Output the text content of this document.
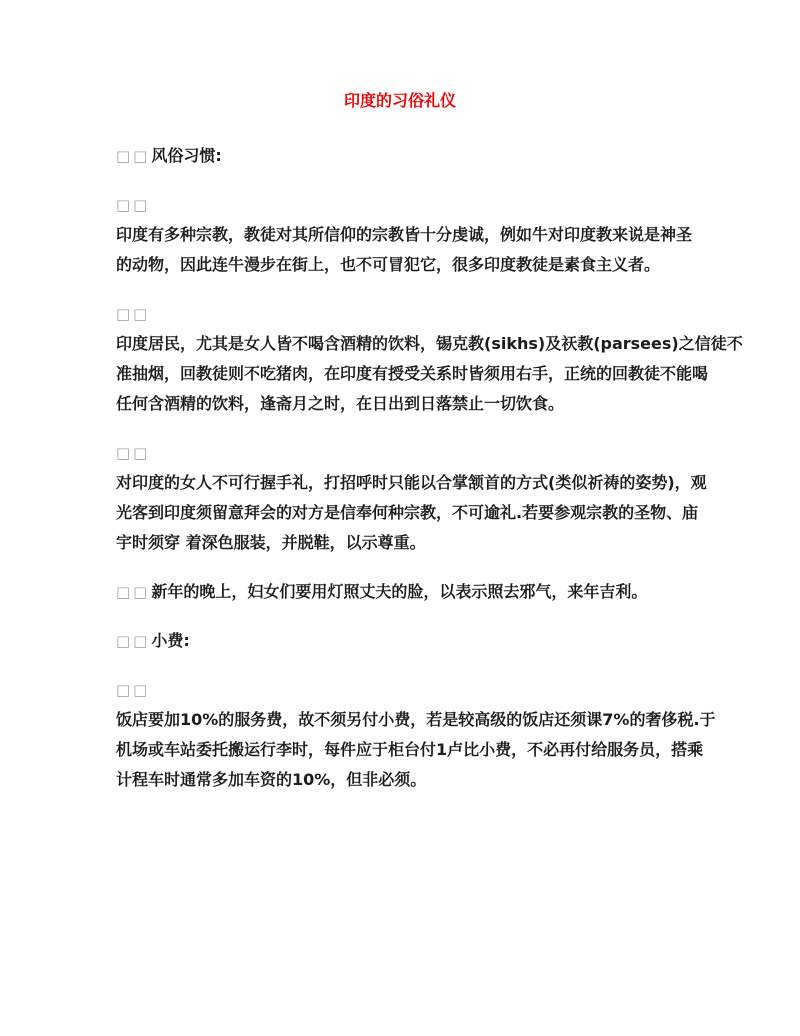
印度的习俗礼仪
□□风俗习惯:
□□
印度有多种宗教，教徒对其所信仰的宗教皆十分虔诚，例如牛对印度教来说是神圣
的动物，因此连牛漫步在街上，也不可冒犯它，很多印度教徒是素食主义者。
□□
印度居民，尤其是女人皆不喝含酒精的饮料，锡克教(sikhs)及祆教(parsees)之信徒不
准抽烟，回教徒则不吃猪肉，在印度有授受关系时皆须用右手，正统的回教徒不能喝
任何含酒精的饮料，逢斋月之时，在日出到日落禁止一切饮食。
□□
对印度的女人不可行握手礼，打招呼时只能以合掌颔首的方式(类似祈祷的姿势)，观
光客到印度须留意拜会的对方是信奉何种宗教，不可逾礼.若要参观宗教的圣物、庙
宇时须穿 着深色服装，并脱鞋，以示尊重。
□□新年的晚上，妇女们要用灯照丈夫的脸，以表示照去邪气，来年吉利。
□□小费:
□□
饭店要加10%的服务费，故不须另付小费，若是较高级的饭店还须课7%的奢侈税.于
机场或车站委托搬运行李时，每件应于柜台付1卢比小费，不必再付给服务员，搭乘
计程车时通常多加车资的10%，但非必须。
